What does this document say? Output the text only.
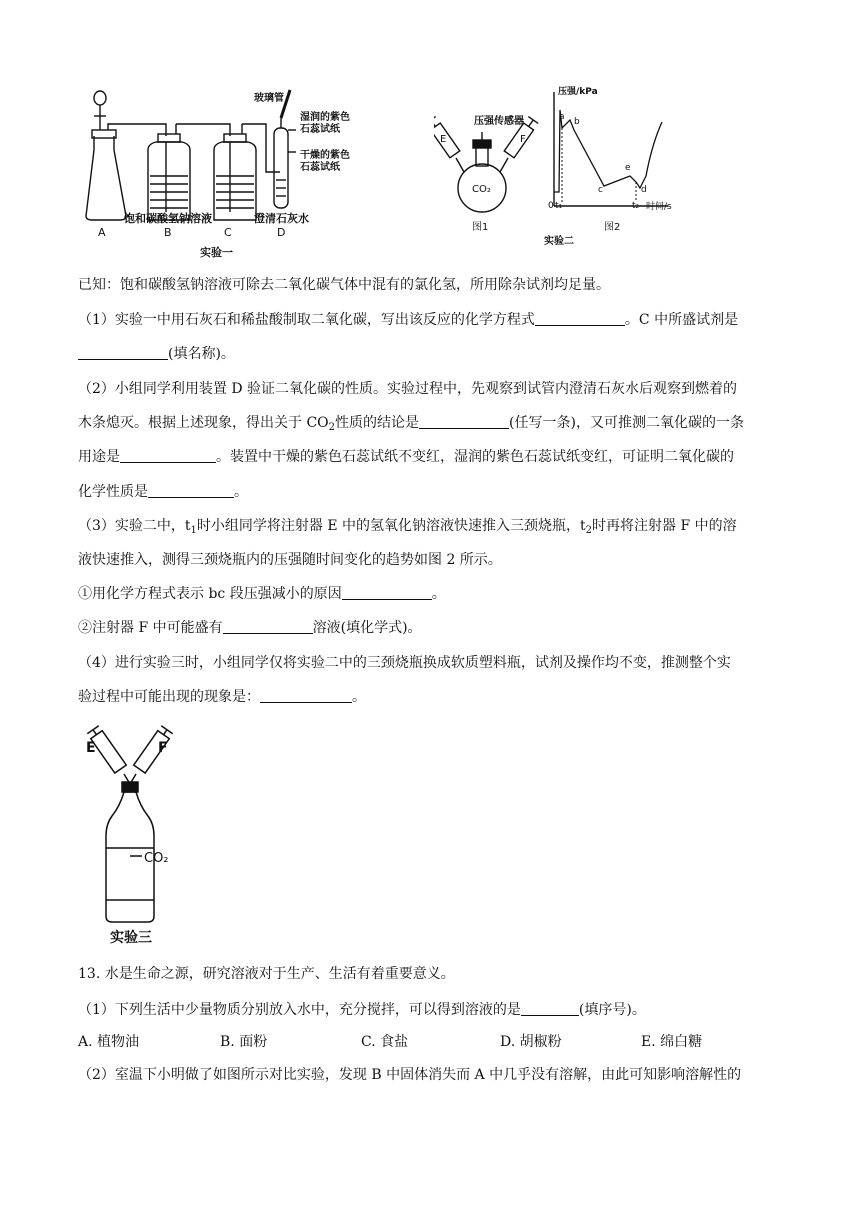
A
饱和碳酸氢钠溶液
B	C
澄清石灰水
D
玻璃管
湿润的紫色
石蕊试纸
干燥的紫色
石蕊试纸
实验一
压强传感器
E	F
CO₂
图1
压强/kPa
时间/s
0 t₁	t₂
a b
c	d
e
图2
实验二
已知：饱和碳酸氢钠溶液可除去二氧化碳气体中混有的氯化氢，所用除杂试剂均足量。
（1）实验一中用石灰石和稀盐酸制取二氧化碳，写出该反应的化学方程式	。C 中所盛试剂是
(填名称)。
（2）小组同学利用装置 D 验证二氧化碳的性质。实验过程中，先观察到试管内澄清石灰水后观察到燃着的
木条熄灭。根据上述现象，得出关于 $CO_2$性质的结论是	(任写一条)，又可推测二氧化碳的一条
用途是	。装置中干燥的紫色石蕊试纸不变红，湿润的紫色石蕊试纸变红，可证明二氧化碳的
化学性质是	。
（3）实验二中，$t_1$时小组同学将注射器 E 中的氢氧化钠溶液快速推入三颈烧瓶，$t_2$时再将注射器 F 中的溶
液快速推入，测得三颈烧瓶内的压强随时间变化的趋势如图 2 所示。
①用化学方程式表示 bc 段压强减小的原因	。
②注射器 F 中可能盛有	溶液(填化学式)。
（4）进行实验三时，小组同学仅将实验二中的三颈烧瓶换成软质塑料瓶，试剂及操作均不变，推测整个实
验过程中可能出现的现象是：	。
E	F
CO₂
实验三
13. 水是生命之源，研究溶液对于生产、生活有着重要意义。
（1）下列生活中少量物质分别放入水中，充分搅拌，可以得到溶液的是	(填序号)。
A. 植物油	B. 面粉	C. 食盐	D. 胡椒粉	E. 绵白糖
（2）室温下小明做了如图所示对比实验，发现 B 中固体消失而 A 中几乎没有溶解，由此可知影响溶解性的
